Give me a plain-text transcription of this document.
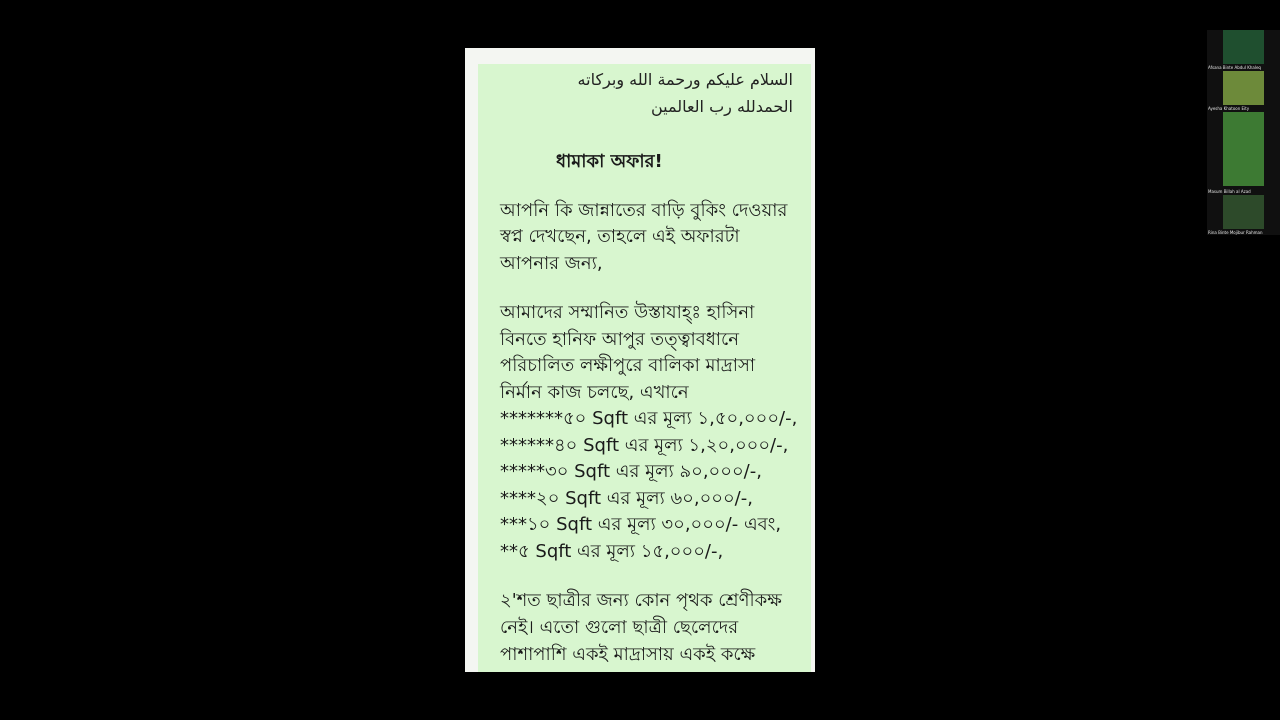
السلام عليكم ورحمة الله وبركاته
الحمدلله رب العالمين
ধামাকা অফার!
আপনি কি জান্নাতের বাড়ি বুকিং দেওয়ার
স্বপ্ন দেখছেন, তাহলে এই অফারটা
আপনার জন্য,
আমাদের সম্মানিত উস্তাযাহ্ঃ হাসিনা
বিনতে হানিফ আপুর তত্ত্বাবধানে
পরিচালিত লক্ষীপুরে বালিকা মাদ্রাসা
নির্মান কাজ চলছে, এখানে
*******৫০ Sqft এর মূল্য ১,৫০,০০০/-,
******৪০ Sqft এর মূল্য ১,২০,০০০/-,
*****৩০ Sqft এর মূল্য ৯০,০০০/-,
****২০ Sqft এর মূল্য ৬০,০০০/-,
***১০ Sqft এর মূল্য ৩০,০০০/- এবং,
**৫ Sqft এর মূল্য ১৫,০০০/-,
২'শত ছাত্রীর জন্য কোন পৃথক শ্রেণীকক্ষ
নেই। এতো গুলো ছাত্রী ছেলেদের
পাশাপাশি একই মাদ্রাসায় একই কক্ষে
Afsana Binte Abdul Khaleq
Ayesha Khatoon Eity
Masum Billah al Azad
Rina Binte Mojibur Rahman
